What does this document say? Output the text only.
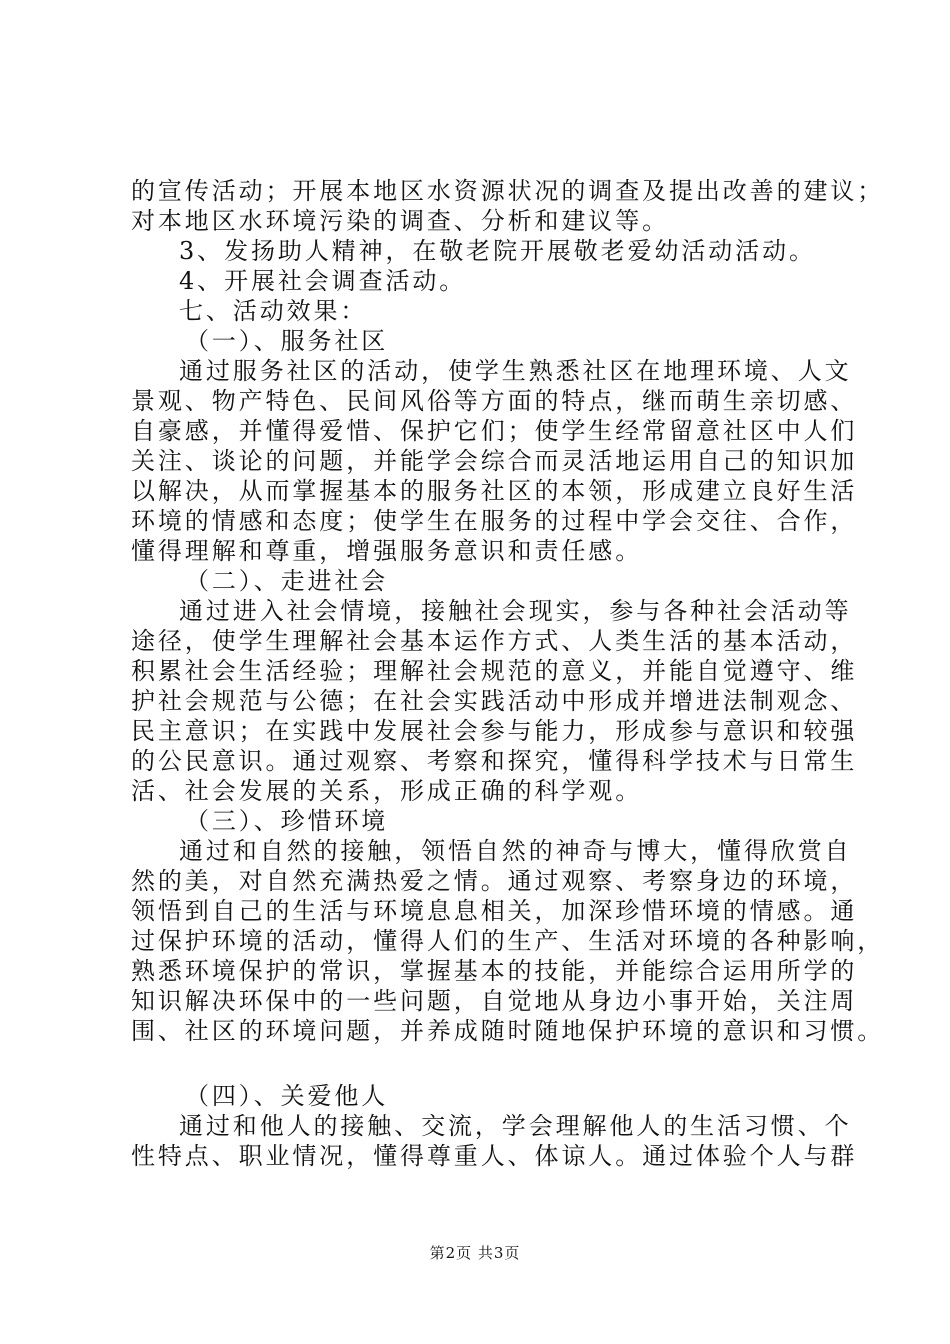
的宣传活动；开展本地区水资源状况的调查及提出改善的建议；
对本地区水环境污染的调查、分析和建议等。
3、发扬助人精神，在敬老院开展敬老爱幼活动活动。
4、开展社会调查活动。
七、活动效果：
（一）、服务社区
通过服务社区的活动，使学生熟悉社区在地理环境、人文
景观、物产特色、民间风俗等方面的特点，继而萌生亲切感、
自豪感，并懂得爱惜、保护它们；使学生经常留意社区中人们
关注、谈论的问题，并能学会综合而灵活地运用自己的知识加
以解决，从而掌握基本的服务社区的本领，形成建立良好生活
环境的情感和态度；使学生在服务的过程中学会交往、合作，
懂得理解和尊重，增强服务意识和责任感。
（二）、走进社会
通过进入社会情境，接触社会现实，参与各种社会活动等
途径，使学生理解社会基本运作方式、人类生活的基本活动，
积累社会生活经验；理解社会规范的意义，并能自觉遵守、维
护社会规范与公德；在社会实践活动中形成并增进法制观念、
民主意识；在实践中发展社会参与能力，形成参与意识和较强
的公民意识。通过观察、考察和探究，懂得科学技术与日常生
活、社会发展的关系，形成正确的科学观。
（三）、珍惜环境
通过和自然的接触，领悟自然的神奇与博大，懂得欣赏自
然的美，对自然充满热爱之情。通过观察、考察身边的环境，
领悟到自己的生活与环境息息相关，加深珍惜环境的情感。通
过保护环境的活动，懂得人们的生产、生活对环境的各种影响，
熟悉环境保护的常识，掌握基本的技能，并能综合运用所学的
知识解决环保中的一些问题，自觉地从身边小事开始，关注周
围、社区的环境问题，并养成随时随地保护环境的意识和习惯。
（四）、关爱他人
通过和他人的接触、交流，学会理解他人的生活习惯、个
性特点、职业情况，懂得尊重人、体谅人。通过体验个人与群
第2页 共3页
